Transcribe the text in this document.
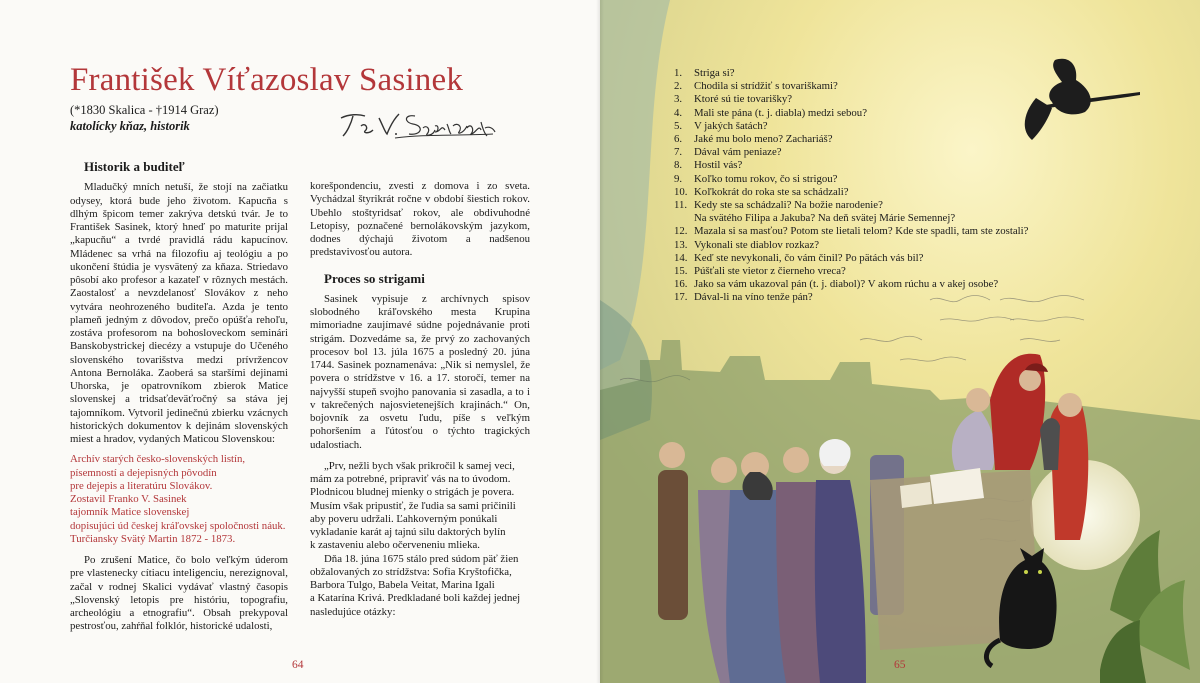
František Víťazoslav Sasinek
(*1830 Skalica - †1914 Graz)
katolícky kňaz, historik
Historik a buditeľ

Mladučký mních netuší, že stojí na začiatku odysey, ktorá bude jeho životom. Kapucňa s dlhým špicom temer zakrýva detskú tvár. Je to František Sasinek, ktorý hneď po maturite prijal „kapucňu“ a tvrdé pravidlá rádu kapucínov. Mládenec sa vrhá na filozofiu aj teológiu a po ukončení štúdia je vysvätený za kňaza. Striedavo pôsobí ako profesor a kazateľ v rôznych mestách. Zaostalosť a nevzdelanosť Slovákov z neho vytvára neohrozeného buditeľa. Azda je tento plameň jedným z dôvodov, prečo opúšťa rehoľu, zostáva profesorom na bohosloveckom seminári Banskobystrickej diecézy a vstupuje do Učeného slovenského tovarišstva medzi prívržencov Antona Bernoláka. Zaoberá sa staršími dejinami Uhorska, je opatrovníkom zbierok Matice slovenskej a tridsaťdeväťročný sa stáva jej tajomníkom. Vytvoril jedinečnú zbierku vzácnych historických dokumentov k dejinám slovenských miest a hradov, vydaných Maticou Slovenskou:

Archív starých česko-slovenských listín,
písemností a dejepisných pôvodín
pre dejepis a literatúru Slovákov.
Zostavil Franko V. Sasinek
tajomník Matice slovenskej
dopisujúci úd českej kráľovskej spoločnosti náuk.
Turčiansky Svätý Martin 1872 - 1873.

Po zrušení Matice, čo bolo veľkým úderom pre vlastenecky cítiacu inteligenciu, nerezignoval, začal v rodnej Skalici vydávať vlastný časopis „Slovenský letopis pre históriu, topografiu, archeológiu a etnografiu“. Obsah prekypoval pestrosťou, zahŕňal folklór, historické udalosti,

korešpondenciu, zvesti z domova i zo sveta. Vychádzal štyrikrát ročne v období šiestich rokov. Ubehlo stoštyridsať rokov, ale obdivuhodné Letopisy, poznačené bernolákovským jazykom, dodnes dýchajú životom a nadšenou predstavivosťou autora.

Proces so strigami

Sasinek vypisuje z archívnych spisov slobodného kráľovského mesta Krupina mimoriadne zaujímavé súdne pojednávanie proti strigám. Dozvedáme sa, že prvý zo zachovaných procesov bol 13. júla 1675 a posledný 20. júna 1744. Sasinek poznamenáva: „Nik si nemyslel, že povera o strídžstve v 16. a 17. storočí, temer na najvyšší stupeň svojho panovania si zasadla, a to i v takrečených najosvietenejších krajinách.“ On, bojovník za osvetu ľudu, píše s veľkým pohoršením a ľútosťou o týchto tragických udalostiach.

„Prv, nežli bych však prikročil k samej veci,

mám za potrebné, pripraviť vás na to úvodom.

Plodnicou bludnej mienky o strigách je povera.

Musím však pripustiť, že ľudia sa sami pričinili

aby poveru udržali. Ľahkoverným ponúkali

vykladanie karát aj tajnú silu daktorých bylín

k zastaveniu alebo očerveneniu mlieka.

Dňa 18. júna 1675 stálo pred súdom päť žien

obžalovaných zo strídžstva: Sofia Kryštofička,

Barbora Tulgo, Babela Veitat, Marina Igali

a Katarína Krivá. Predkladané boli každej jednej

nasledujúce otázky:

64
1.	Striga si?
2.	Chodila si strídžiť s tovariškami?
3.	Ktoré sú tie tovarišky?
4.	Mali ste pána (t. j. diabla) medzi sebou?
5.	V jakých šatách?
6.	Jaké mu bolo meno? Zachariáš?
7.	Dával vám peniaze?
8.	Hostil vás?
9.	Koľko tomu rokov, čo si strigou?
10. Koľkokrát do roka ste sa schádzali?
11. Kedy ste sa schádzali? Na božie narodenie?
Na svätého Filipa a Jakuba? Na deň svätej Márie Semennej?
12. Mazala si sa masťou? Potom ste lietali telom? Kde ste spadli, tam ste zostali?
13. Vykonali ste diablov rozkaz?
14. Keď ste nevykonali, čo vám činil? Po pätách vás bil?
15. Púšťali ste vietor z čierneho vreca?
16. Jako sa vám ukazoval pán (t. j. diabol)? V akom rúchu a v akej osobe?
17. Dával-li na víno tenže pán?
65
